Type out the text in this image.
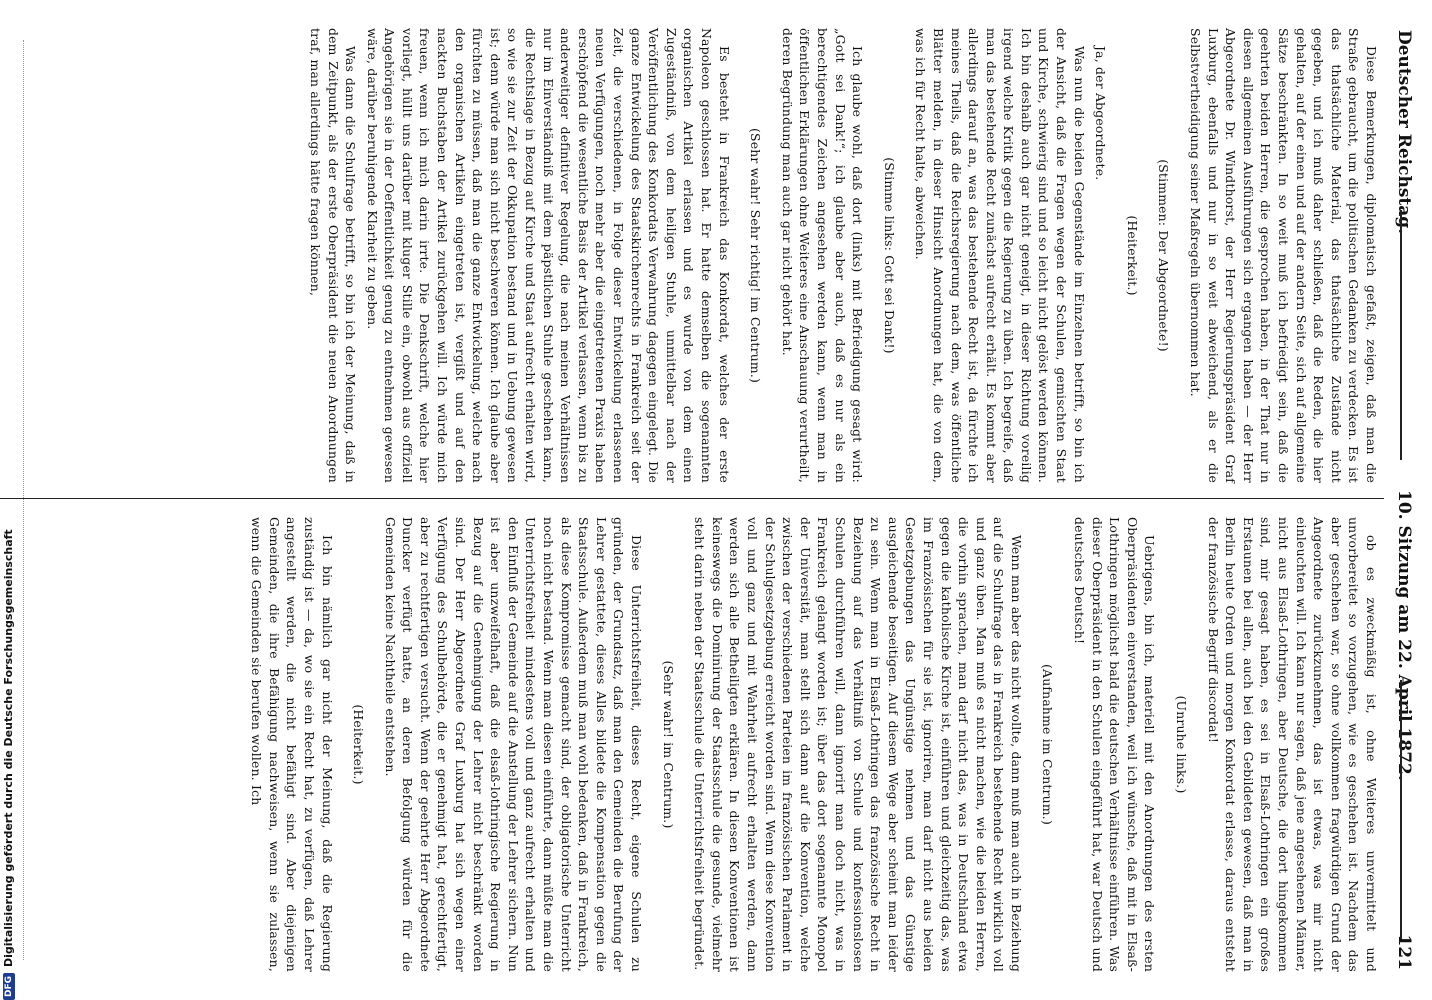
Deutscher Reichstag.
10. Sitzung am 22. April 1872.
121

Diese Bemerkungen, diplomatisch gefaßt, zeigen, daß man die Straße gebraucht, um die politischen Gedanken zu verdecken. Es ist das thatsächliche Material, das thatsächliche Zustände nicht gegeben, und ich muß daher schließen, daß die Reden, die hier gehalten, auf der einen und auf der andern Seite, sich auf allgemeine Sätze beschränkten. In so weit muß ich befriedigt sein, daß die geehrten beiden Herren, die gesprochen haben, in der That nur in diesen allgemeinen Ausführungen sich ergangen haben — der Herr Abgeordnete Dr. Windthorst, der Herr Regierungspräsident Graf Luxburg, ebenfalls und nur in so weit abweichend, als er die Selbstvertheidigung seiner Maßregeln übernommen hat.

(Stimmen: Der Abgeordnete!)

(Heiterkeit.)

Ja, der Abgeordnete.

Was nun die beiden Gegenstände im Einzelnen betrifft, so bin ich der Ansicht, daß die Fragen wegen der Schulen, gemischten Staat und Kirche, schwierig sind und so leicht nicht gelöst werden können. Ich bin deshalb auch gar nicht geneigt, in dieser Richtung voreilig irgend welche Kritik gegen die Regierung zu üben. Ich begreife, daß man das bestehende Recht zunächst aufrecht erhält. Es kommt aber allerdings darauf an, was das bestehende Recht ist, da fürchte ich meines Theils, daß die Reichsregierung nach dem, was öffentliche Blätter melden, in dieser Hinsicht Anordnungen hat, die von dem, was ich für Recht halte, abweichen.

(Stimme links: Gott sei Dank!)

Ich glaube wohl, daß dort (links) mit Befriedigung gesagt wird: „Gott sei Dank!“; ich glaube aber auch, daß es nur als ein berechtigendes Zeichen angesehen werden kann, wenn man in öffentlichen Erklärungen ohne Weiteres eine Anschauung verurtheilt, deren Begründung man auch gar nicht gehört hat.

(Sehr wahr! Sehr richtig! im Centrum.)

Es besteht in Frankreich das Konkordat, welches der erste Napoleon geschlossen hat. Er hatte demselben die sogenannten organischen Artikel erlassen und es wurde von dem einen Zugeständniß, von dem heiligen Stuhle, unmittelbar nach der Veröffentlichung des Konkordats Verwahrung dagegen eingelegt. Die ganze Entwickelung des Staatskirchenrechts in Frankreich seit der Zeit, die verschiedenen, in Folge dieser Entwickelung erlassenen neuen Verfügungen, noch mehr aber die eingetretenen Praxis haben erschöpfend die wesentliche Basis der Artikel verlassen, wenn bis zu anderweitiger definitiver Regelung, die nach meinen Verhältnissen nur im Einverständniß mit dem päpstlichen Stuhle geschehen kann, die Rechtslage in Bezug auf Kirche und Staat aufrecht erhalten wird, so wie sie zur Zeit der Okkupation bestand und in Uebung gewesen ist; denn würde man sich nicht beschweren können. Ich glaube aber fürchten zu müssen, daß man die ganze Entwickelung, welche nach den organischen Artikeln eingetreten ist, vergißt und auf den nackten Buchstaben der Artikel zurückgehen will. Ich würde mich freuen, wenn ich mich darin irrte. Die Denkschrift, welche hier vorliegt, hüllt uns darüber mit kluger Stille ein, obwohl aus offiziell Angehörigen sie in der Oeffentlichkeit genug zu entnehmen gewesen wäre, darüber beruhigende Klarheit zu geben.

Was dann die Schulfrage betrifft, so bin ich der Meinung, daß in dem Zeitpunkt, als der erste Oberpräsident die neuen Anordnungen traf, man allerdings hätte fragen können,

ob es zweckmäßig ist, ohne Weiteres unvermittelt und unvorbereitet so vorzugehen, wie es geschehen ist. Nachdem das aber geschehen war, so ohne vollkommen fragwürdigen Grund der Angeordnete zurückzunehmen, das ist etwas, was mir nicht einleuchten will. Ich kann nur sagen, daß jene angesehenen Männer, nicht aus Elsaß-Lothringen, aber Deutsche, die dort hingekommen sind, mir gesagt haben, es sei in Elsaß-Lothringen ein großes Erstaunen bei allen, auch bei den Gebildeten gewesen, daß man in Berlin heute Orden und morgen Konkordat erlasse, daraus entsteht der französische Begriff discordat!

(Unruhe links.)

Uebrigens, bin ich, materiell mit den Anordnungen des ersten Oberpräsidenten einverstanden, weil ich wünsche, daß mit in Elsaß-Lothringen möglichst bald die deutschen Verhältnisse einführen. Was dieser Oberpräsident in den Schulen eingeführt hat, war Deutsch und deutsches Deutsch!

(Aufnahme im Centrum.)

Wenn man aber das nicht wollte, dann muß man auch in Beziehung auf die Schulfrage das in Frankreich bestehende Recht wirklich voll und ganz üben. Man muß es nicht machen, wie die beiden Herren, die vorhin sprachen, man darf nicht das, was in Deutschland etwa gegen die katholische Kirche ist, einführen und gleichzeitig das, was im Französischen für sie ist, ignoriren, man darf nicht aus beiden Gesetzgebungen das Ungünstige nehmen und das Günstige ausgleichende beseitigen. Auf diesem Wege aber scheint man leider zu sein. Wenn man in Elsaß-Lothringen das französische Recht in Beziehung auf das Verhältniß von Schule und konfessionslosen Schulen durchführen will, dann ignorirt man doch nicht, was in Frankreich gelangt worden ist; über das dort sogenannte Monopol der Universität, man stellt sich dann auf die Konvention, welche zwischen der verschiedenen Parteien im französischen Parlament in der Schulgesetzgebung erreicht worden sind. Wenn diese Konvention voll und ganz und mit Wahrheit aufrecht erhalten werden, dann werden sich alle Betheiligten erklären. In diesen Konventionen ist keineswegs die Dominirung der Staatsschule die gesunde, vielmehr steht darin neben der Staatsschule die Unterrichtsfreiheit begründet.

(Sehr wahr! im Centrum.)

Diese Unterrichtsfreiheit, dieses Recht, eigene Schulen zu gründen, der Grundsatz, daß man den Gemeinden die Berufung der Lehrer gestattete, dieses Alles bildete die Kompensation gegen die Staatsschule. Außerdem muß man wohl bedenken, daß in Frankreich, als diese Kompromisse gemacht sind, der obligatorische Unterricht noch nicht bestand. Wenn man diesen einführte, dann müßte man die Unterrichtsfreiheit mindestens voll und ganz aufrecht erhalten und den Einfluß der Gemeinde auf die Anstellung der Lehrer sichern. Nun ist aber unzweifelhaft, daß die elsaß-lothringische Regierung in Bezug auf die Genehmigung der Lehrer nicht beschränkt worden sind. Der Herr Abgeordnete Graf Luxburg hat sich wegen einer Verfügung des Schulbehörde, die er genehmigt hat, gerechtfertigt, aber zu rechtfertigen versucht. Wenn der geehrte Herr Abgeordnete Duncker verfügt hatte, an deren Befolgung würden für die Gemeinden keine Nachtheile entstehen.

(Heiterkeit.)

Ich bin nämlich gar nicht der Meinung, daß die Regierung zuständig ist — da, wo sie ein Recht hat, zu verfügen, daß Lehrer angestellt werden, die nicht befähigt sind. Aber diejenigen Gemeinden, die ihre Befähigung nachweisen, wenn sie zulassen, wenn die Gemeinden sie berufen wollen. Ich

DFG
Digitalisierung gefördert durch die Deutsche Forschungsgemeinschaft
